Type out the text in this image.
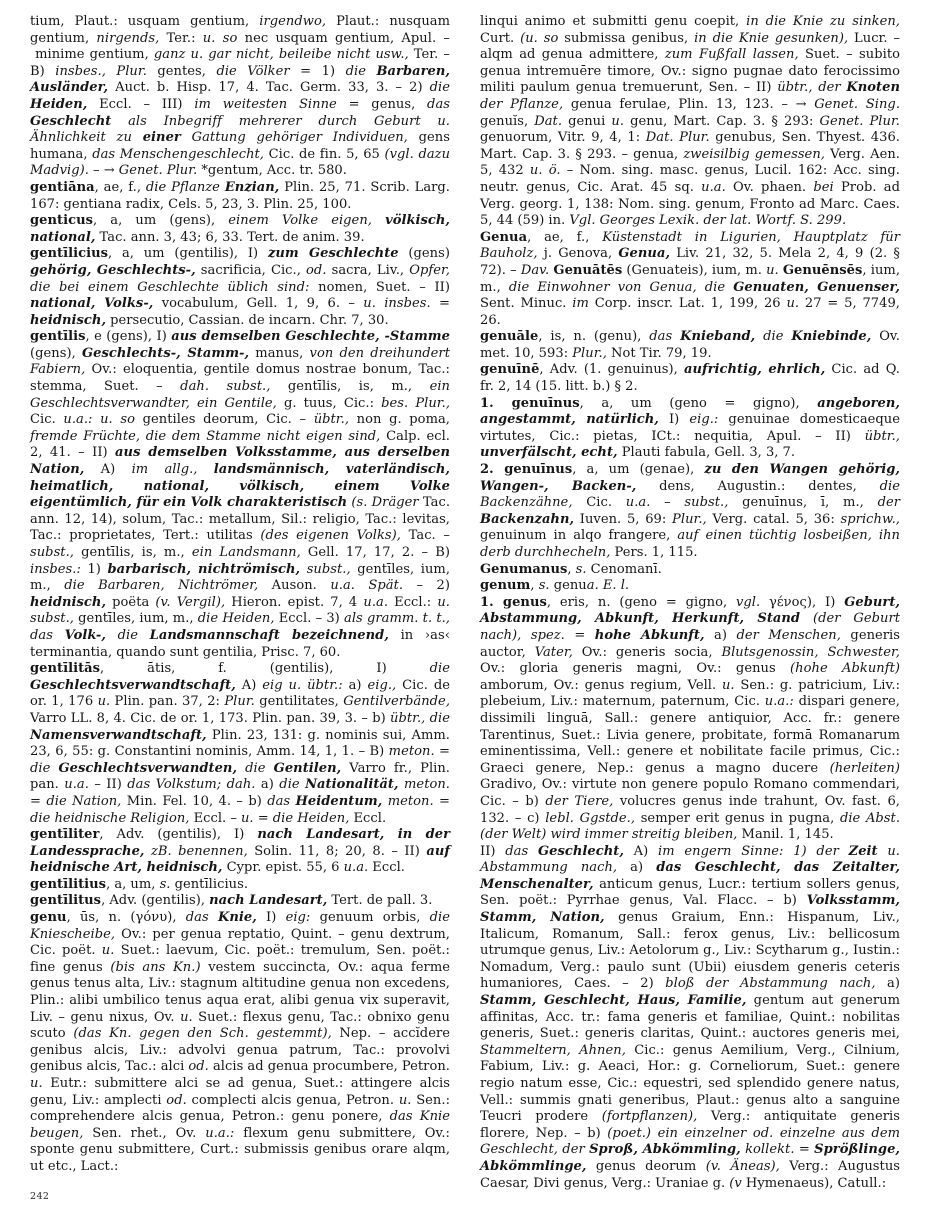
tium, Plaut.: usquam gentium, irgendwo, Plaut.: nusquam gentium, nirgends, Ter.: u. so nec usquam gentium, Apul. – minime gentium, ganz u. gar nicht, beileibe nicht usw., Ter. – B) insbes., Plur. gentes, die Völker = 1) die Barbaren, Ausländer, Auct. b. Hisp. 17, 4. Tac. Germ. 33, 3. – 2) die Heiden, Eccl. – III) im weitesten Sinne = genus, das Geschlecht als Inbegriff mehrerer durch Geburt u. Ähnlichkeit zu einer Gattung gehöriger Individuen, gens humana, das Menschengeschlecht, Cic. de fin. 5, 65 (vgl. dazu Madvig). – → Genet. Plur. *gentum, Acc. tr. 580.

gentiāna, ae, f., die Pflanze Enzian, Plin. 25, 71. Scrib. Larg. 167: gentiana radix, Cels. 5, 23, 3. Plin. 25, 100.

genticus, a, um (gens), einem Volke eigen, völkisch, national, Tac. ann. 3, 43; 6, 33. Tert. de anim. 39.

gentīlicius, a, um (gentilis), I) zum Geschlechte (gens) gehörig, Geschlechts-, sacrificia, Cic., od. sacra, Liv., Opfer, die bei einem Geschlechte üblich sind: nomen, Suet. – II) national, Volks-, vocabulum, Gell. 1, 9, 6. – u. insbes. = heidnisch, persecutio, Cassian. de incarn. Chr. 7, 30.

gentīlis, e (gens), I) aus demselben Geschlechte, -Stamme (gens), Geschlechts-, Stamm-, manus, von den dreihundert Fabiern, Ov.: eloquentia, gentile domus nostrae bonum, Tac.: stemma, Suet. – dah. subst., gentīlis, is, m., ein Geschlechtsverwandter, ein Gentile, g. tuus, Cic.: bes. Plur., Cic. u.a.: u. so gentiles deorum, Cic. – übtr., non g. poma, fremde Früchte, die dem Stamme nicht eigen sind, Calp. ecl. 2, 41. – II) aus demselben Volksstamme, aus derselben Nation, A) im allg., landsmännisch, vaterländisch, heimatlich, national, völkisch, einem Volke eigentümlich, für ein Volk charakteristisch (s. Dräger Tac. ann. 12, 14), solum, Tac.: metallum, Sil.: religio, Tac.: levitas, Tac.: proprietates, Tert.: utilitas (des eigenen Volks), Tac. – subst., gentīlis, is, m., ein Landsmann, Gell. 17, 17, 2. – B) insbes.: 1) barbarisch, nichtrömisch, subst., gentīles, ium, m., die Barbaren, Nichtrömer, Auson. u.a. Spät. – 2) heidnisch, poëta (v. Vergil), Hieron. epist. 7, 4 u.a. Eccl.: u. subst., gentīles, ium, m., die Heiden, Eccl. – 3) als gramm. t. t., das Volk-, die Landsmannschaft bezeichnend, in ›as‹ terminantia, quando sunt gentilia, Prisc. 7, 60.

gentīlitās, ātis, f. (gentilis), I) die Geschlechtsverwandtschaft, A) eig u. übtr.: a) eig., Cic. de or. 1, 176 u. Plin. pan. 37, 2: Plur. gentilitates, Gentilverbände, Varro LL. 8, 4. Cic. de or. 1, 173. Plin. pan. 39, 3. – b) übtr., die Namensverwandtschaft, Plin. 23, 131: g. nominis sui, Amm. 23, 6, 55: g. Constantini nominis, Amm. 14, 1, 1. – B) meton. = die Geschlechtsverwandten, die Gentilen, Varro fr., Plin. pan. u.a. – II) das Volkstum; dah. a) die Nationalität, meton. = die Nation, Min. Fel. 10, 4. – b) das Heidentum, meton. = die heidnische Religion, Eccl. – u. = die Heiden, Eccl.

gentīliter, Adv. (gentilis), I) nach Landesart, in der Landessprache, zB. benennen, Solin. 11, 8; 20, 8. – II) auf heidnische Art, heidnisch, Cypr. epist. 55, 6 u.a. Eccl.

gentīlitius, a, um, s. gentīlicius.

gentīlitus, Adv. (gentilis), nach Landesart, Tert. de pall. 3.

genu, ūs, n. (γóνυ), das Knie, I) eig: genuum orbis, die Kniescheibe, Ov.: per genua reptatio, Quint. – genu dextrum, Cic. poët. u. Suet.: laevum, Cic. poët.: tremulum, Sen. poët.: fine genus (bis ans Kn.) vestem succincta, Ov.: aqua ferme genus tenus alta, Liv.: stagnum altitudine genua non excedens, Plin.: alibi umbilico tenus aqua erat, alibi genua vix superavit, Liv. – genu nixus, Ov. u. Suet.: flexus genu, Tac.: obnixo genu scuto (das Kn. gegen den Sch. gestemmt), Nep. – accĭdere genibus alcis, Liv.: advolvi genua patrum, Tac.: provolvi genibus alcis, Tac.: alci od. alcis ad genua procumbere, Petron. u. Eutr.: submittere alci se ad genua, Suet.: attingere alcis genu, Liv.: amplecti od. complecti alcis genua, Petron. u. Sen.: comprehendere alcis genua, Petron.: genu ponere, das Knie beugen, Sen. rhet., Ov. u.a.: flexum genu submittere, Ov.: sponte genu submittere, Curt.: submissis genibus orare alqm, ut etc., Lact.:

linqui animo et submitti genu coepit, in die Knie zu sinken, Curt. (u. so submissa genibus, in die Knie gesunken), Lucr. – alqm ad genua admittere, zum Fußfall lassen, Suet. – subito genua intremuēre timore, Ov.: signo pugnae dato ferocissimo militi paulum genua tremuerunt, Sen. – II) übtr., der Knoten der Pflanze, genua ferulae, Plin. 13, 123. – → Genet. Sing. genuĭs, Dat. genui u. genu, Mart. Cap. 3. § 293: Genet. Plur. genuorum, Vitr. 9, 4, 1: Dat. Plur. genubus, Sen. Thyest. 436. Mart. Cap. 3. § 293. – genua, zweisilbig gemessen, Verg. Aen. 5, 432 u. ö. – Nom. sing. masc. genus, Lucil. 162: Acc. sing. neutr. genus, Cic. Arat. 45 sq. u.a. Ov. phaen. bei Prob. ad Verg. georg. 1, 138: Nom. sing. genum, Fronto ad Marc. Caes. 5, 44 (59) in. Vgl. Georges Lexik. der lat. Wortf. S. 299.

Genua, ae, f., Küstenstadt in Ligurien, Hauptplatz für Bauholz, j. Genova, Genua, Liv. 21, 32, 5. Mela 2, 4, 9 (2. § 72). – Dav. Genuātēs (Genuateis), ium, m. u. Genuēnsēs, ium, m., die Einwohner von Genua, die Genuaten, Genuenser, Sent. Minuc. im Corp. inscr. Lat. 1, 199, 26 u. 27 = 5, 7749, 26.

genuāle, is, n. (genu), das Knieband, die Kniebinde, Ov. met. 10, 593: Plur., Not Tir. 79, 19.

genuīnē, Adv. (1. genuinus), aufrichtig, ehrlich, Cic. ad Q. fr. 2, 14 (15. litt. b.) § 2.

1. genuīnus, a, um (geno = gigno), angeboren, angestammt, natürlich, I) eig.: genuinae domesticaeque virtutes, Cic.: pietas, ICt.: nequitia, Apul. – II) übtr., unverfälscht, echt, Plauti fabula, Gell. 3, 3, 7.

2. genuīnus, a, um (genae), zu den Wangen gehörig, Wangen-, Backen-, dens, Augustin.: dentes, die Backenzähne, Cic. u.a. – subst., genuīnus, ī, m., der Backenzahn, Iuven. 5, 69: Plur., Verg. catal. 5, 36: sprichw., genuinum in alqo frangere, auf einen tüchtig losbeißen, ihn derb durchhecheln, Pers. 1, 115.

Genumanus, s. Cenomanī.

genum, s. genua. E. l.

1. genus, eris, n. (geno = gigno, vgl. γένος), I) Geburt, Abstammung, Abkunft, Herkunft, Stand (der Geburt nach), spez. = hohe Abkunft, a) der Menschen, generis auctor, Vater, Ov.: generis socia, Blutsgenossin, Schwester, Ov.: gloria generis magni, Ov.: genus (hohe Abkunft) amborum, Ov.: genus regium, Vell. u. Sen.: g. patricium, Liv.: plebeium, Liv.: maternum, paternum, Cic. u.a.: dispari genere, dissimili linguā, Sall.: genere antiquior, Acc. fr.: genere Tarentinus, Suet.: Livia genere, probitate, formā Romanarum eminentissima, Vell.: genere et nobilitate facile primus, Cic.: Graeci genere, Nep.: genus a magno ducere (herleiten) Gradivo, Ov.: virtute non genere populo Romano commendari, Cic. – b) der Tiere, volucres genus inde trahunt, Ov. fast. 6, 132. – c) lebl. Ggstde., semper erit genus in pugna, die Abst. (der Welt) wird immer streitig bleiben, Manil. 1, 145.

II) das Geschlecht, A) im engern Sinne: 1) der Zeit u. Abstammung nach, a) das Geschlecht, das Zeitalter, Menschenalter, anticum genus, Lucr.: tertium sollers genus, Sen. poët.: Pyrrhae genus, Val. Flacc. – b) Volksstamm, Stamm, Nation, genus Graium, Enn.: Hispanum, Liv., Italicum, Romanum, Sall.: ferox genus, Liv.: bellicosum utrumque genus, Liv.: Aetolorum g., Liv.: Scytharum g., Iustin.: Nomadum, Verg.: paulo sunt (Ubii) eiusdem generis ceteris humaniores, Caes. – 2) bloß der Abstammung nach, a) Stamm, Geschlecht, Haus, Familie, gentum aut generum affinitas, Acc. tr.: fama generis et familiae, Quint.: nobilitas generis, Suet.: generis claritas, Quint.: auctores generis mei, Stammeltern, Ahnen, Cic.: genus Aemilium, Verg., Cilnium, Fabium, Liv.: g. Aeaci, Hor.: g. Corneliorum, Suet.: genere regio natum esse, Cic.: equestri, sed splendido genere natus, Vell.: summis gnati generibus, Plaut.: genus alto a sanguine Teucri prodere (fortpflanzen), Verg.: antiquitate generis florere, Nep. – b) (poet.) ein einzelner od. einzelne aus dem Geschlecht, der Sproß, Abkömmling, kollekt. = Sprößlinge, Abkömmlinge, genus deorum (v. Äneas), Verg.: Augustus Caesar, Divi genus, Verg.: Uraniae g. (v Hymenaeus), Catull.:

242
